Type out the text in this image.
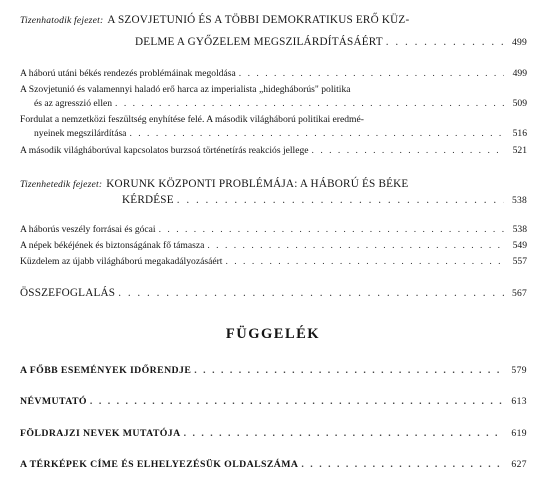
Tizenhatodik fejezet: A SZOVJETUNIÓ ÉS A TÖBBI DEMOKRATIKUS ERŐ KÜZ-
DELME A GYŐZELEM MEGSZILÁRDÍTÁSÁÉRT . . .	499
A háború utáni békés rendezés problémáinak megoldása . . .	499
A Szovjetunió és valamennyi haladó erő harca az imperialista „hidegháborús" politika
és az agresszió ellen . . .	509
Fordulat a nemzetközi feszültség enyhítése felé. A második világháború politikai eredmé-
nyeinek megszilárdítása . . .	516
A második világháborúval kapcsolatos burzsoá történetírás reakciós jellege . . .	521
Tizenhetedik fejezet: KORUNK KÖZPONTI PROBLÉMÁJA: A HÁBORÚ ÉS BÉKE
KÉRDÉSE . . .	538
A háborús veszély forrásai és gócai . . .	538
A népek békéjének és biztonságának fő támasza . . .	549
Küzdelem az újabb világháború megakadályozásáért . . .	557
ÖSSZEFOGLALÁS . . .	567
FÜGGELÉK
A FŐBB ESEMÉNYEK IDŐRENDJE . . .	579
NÉVMUTATÓ . . .	613
FÖLDRAJZI NEVEK MUTATÓJA . . .	619
A TÉRKÉPEK CÍME ÉS ELHELYEZÉSÜK OLDALSZÁMA . . .	627
